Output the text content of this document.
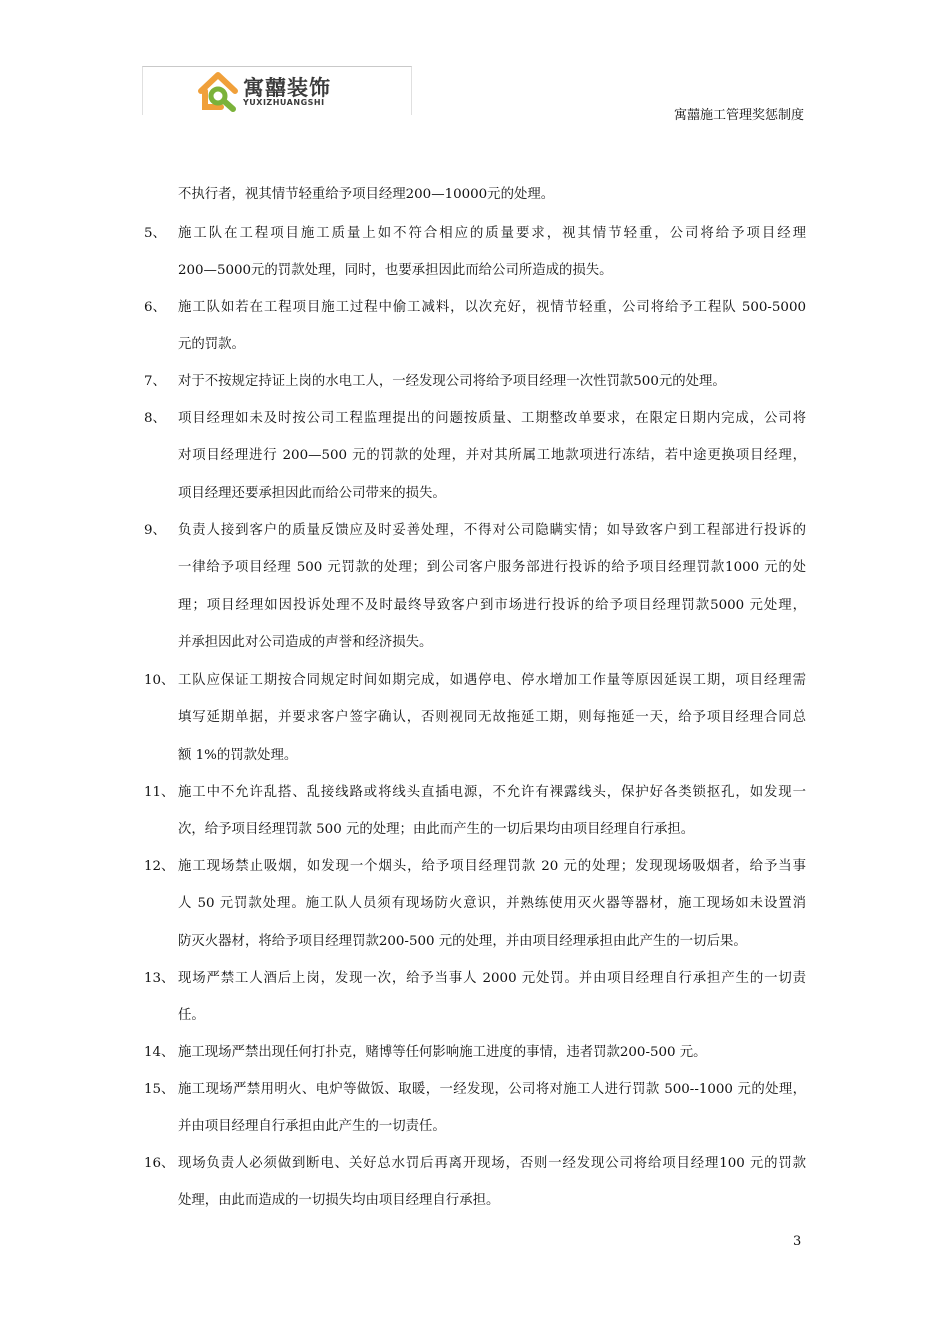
寓囍装饰
YUXIZHUANGSHI
寓囍施工管理奖惩制度
不执行者，视其情节轻重给予项目经理200—10000元的处理。
5、 施工队在工程项目施工质量上如不符合相应的质量要求，视其情节轻重，公司将给予项目经理
200—5000元的罚款处理，同时，也要承担因此而给公司所造成的损失。
6、 施工队如若在工程项目施工过程中偷工减料，以次充好，视情节轻重，公司将给予工程队 500-5000
元的罚款。
7、 对于不按规定持证上岗的水电工人，一经发现公司将给予项目经理一次性罚款500元的处理。
8、 项目经理如未及时按公司工程监理提出的问题按质量、工期整改单要求，在限定日期内完成，公司将
对项目经理进行 200—500 元的罚款的处理，并对其所属工地款项进行冻结，若中途更换项目经理，
项目经理还要承担因此而给公司带来的损失。
9、 负责人接到客户的质量反馈应及时妥善处理，不得对公司隐瞒实情；如导致客户到工程部进行投诉的
一律给予项目经理 500 元罚款的处理；到公司客户服务部进行投诉的给予项目经理罚款1000 元的处
理；项目经理如因投诉处理不及时最终导致客户到市场进行投诉的给予项目经理罚款5000 元处理，
并承担因此对公司造成的声誉和经济损失。
10、 工队应保证工期按合同规定时间如期完成，如遇停电、停水增加工作量等原因延误工期，项目经理需
填写延期单据，并要求客户签字确认，否则视同无故拖延工期，则每拖延一天，给予项目经理合同总
额 1%的罚款处理。
11、 施工中不允许乱搭、乱接线路或将线头直插电源，不允许有裸露线头，保护好各类锁抠孔，如发现一
次，给予项目经理罚款 500 元的处理；由此而产生的一切后果均由项目经理自行承担。
12、 施工现场禁止吸烟，如发现一个烟头，给予项目经理罚款 20 元的处理；发现现场吸烟者，给予当事
人 50 元罚款处理。施工队人员须有现场防火意识，并熟练使用灭火器等器材，施工现场如未设置消
防灭火器材，将给予项目经理罚款200-500 元的处理，并由项目经理承担由此产生的一切后果。
13、 现场严禁工人酒后上岗，发现一次，给予当事人 2000 元处罚。并由项目经理自行承担产生的一切责
任。
14、 施工现场严禁出现任何打扑克，赌博等任何影响施工进度的事情，违者罚款200-500 元。
15、 施工现场严禁用明火、电炉等做饭、取暖，一经发现，公司将对施工人进行罚款 500--1000 元的处理，
并由项目经理自行承担由此产生的一切责任。
16、 现场负责人必须做到断电、关好总水罚后再离开现场，否则一经发现公司将给项目经理100 元的罚款
处理，由此而造成的一切损失均由项目经理自行承担。
3
